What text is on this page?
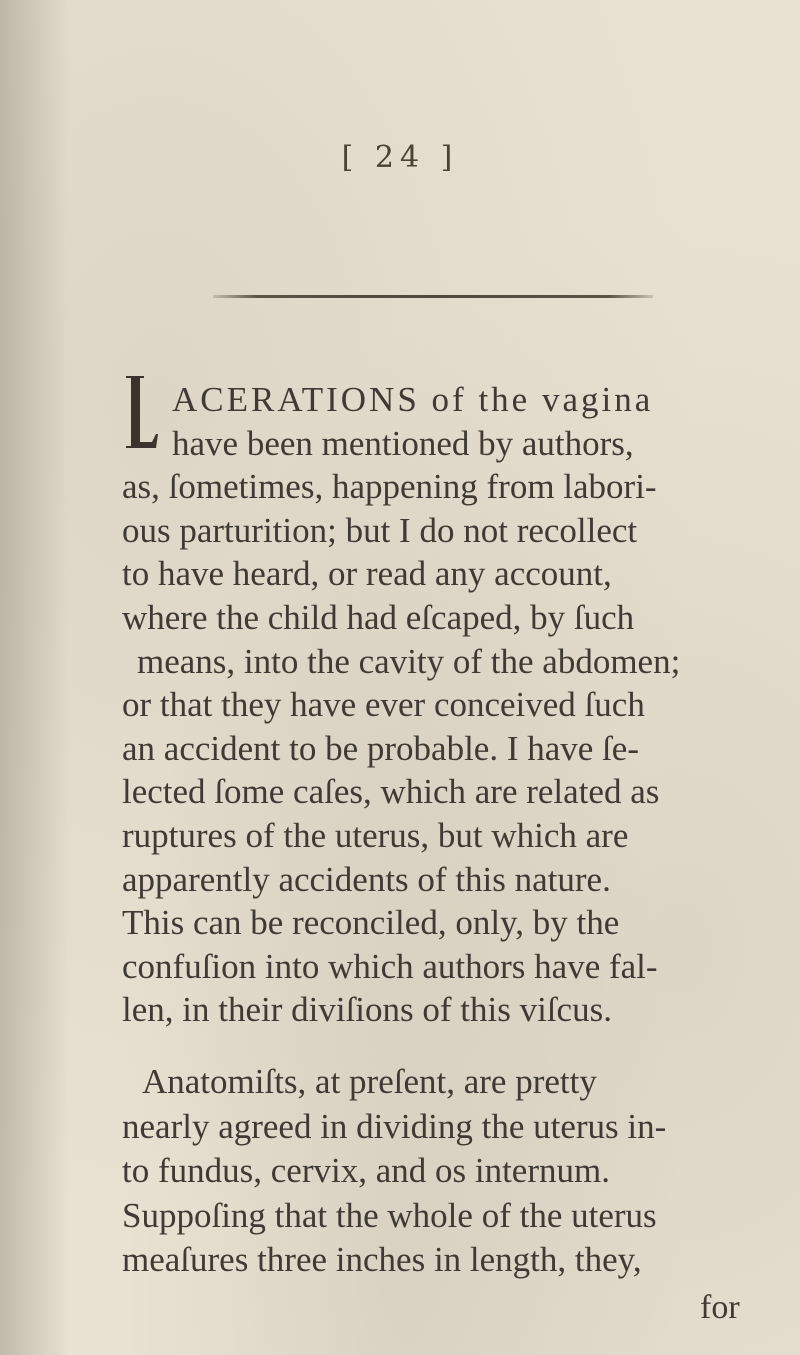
[ 24 ]
ACERATIONS of the vagina
have been mentioned by authors,
as, ſometimes, happening from labori-
ous parturition; but I do not recollect
to have heard, or read any account,
where the child had eſcaped, by ſuch
means, into the cavity of the abdomen;
or that they have ever conceived ſuch
an accident to be probable. I have ſe-
lected ſome caſes, which are related as
ruptures of the uterus, but which are
apparently accidents of this nature.
This can be reconciled, only, by the
confuſion into which authors have fal-
len, in their diviſions of this viſcus.
Anatomiſts, at preſent, are pretty
nearly agreed in dividing the uterus in-
to fundus, cervix, and os internum.
Suppoſing that the whole of the uterus
meaſures three inches in length, they,
for
